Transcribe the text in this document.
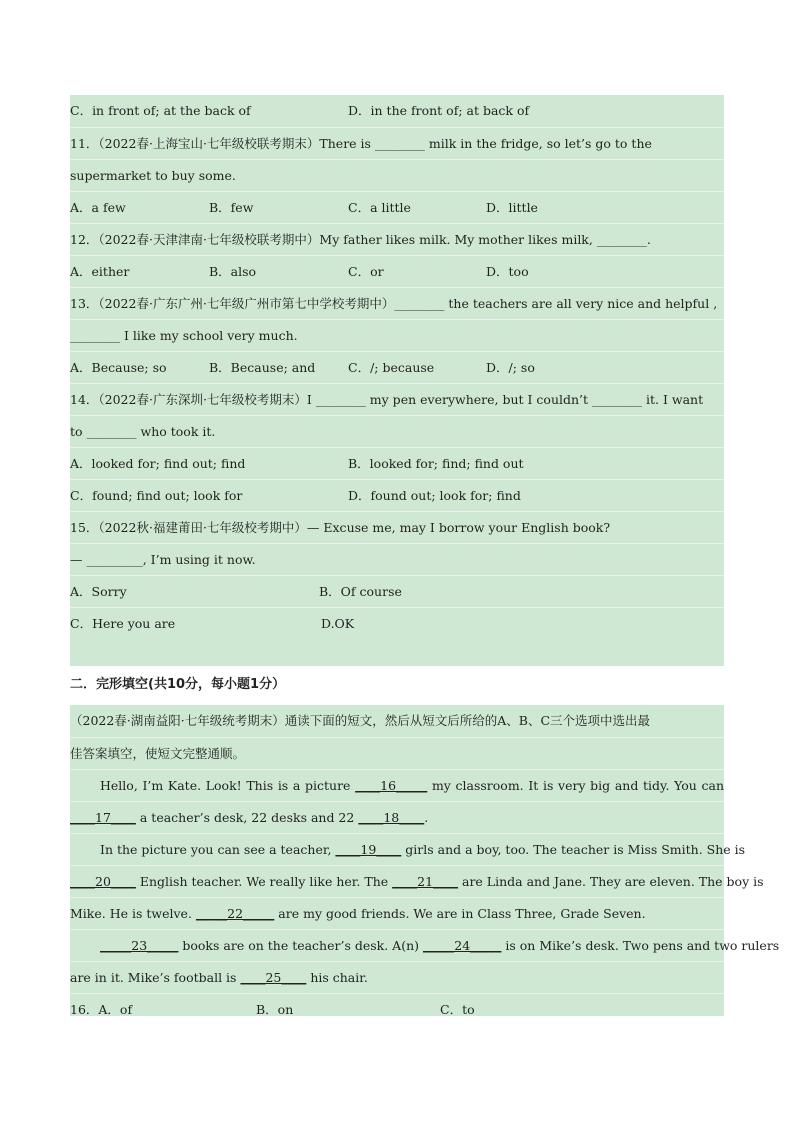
C．in front of; at the back of	D．in the front of; at back of
11．（2022春·上海宝山·七年级校联考期末）There is ________ milk in the fridge, so let’s go to the
supermarket to buy some.
A．a few	B．few	C．a little	D．little
12．（2022春·天津津南·七年级校联考期中）My father likes milk. My mother likes milk, ________.
A．either	B．also	C．or	D．too
13．（2022春·广东广州·七年级广州市第七中学校考期中）________ the teachers are all very nice and helpful ,
________ I like my school very much.
A．Because; so	B．Because; and	C．/; because	D．/; so
14．（2022春·广东深圳·七年级校考期末）I ________ my pen everywhere, but I couldn’t ________ it. I want
to ________ who took it.
A．looked for; find out; find	B．looked for; find; find out
C．found; find out; look for	D．found out; look for; find
15．（2022秋·福建莆田·七年级校考期中）— Excuse me, may I borrow your English book?
— _________, I’m using it now.
A．Sorry	B．Of course
C．Here you are	D.OK
二．完形填空(共10分，每小题1分）
（2022春·湖南益阳·七年级统考期末）通读下面的短文，然后从短文后所给的A、B、C三个选项中选出最
佳答案填空，使短文完整通顺。
Hello, I’m Kate. Look! This is a picture ____16_____ my classroom. It is very big and tidy. You can
____17____ a teacher’s desk, 22 desks and 22 ____18____.
In the picture you can see a teacher, ____19____ girls and a boy, too. The teacher is Miss Smith. She is
____20____ English teacher. We really like her. The ____21____ are Linda and Jane. They are eleven. The boy is
Mike. He is twelve. _____22_____ are my good friends. We are in Class Three, Grade Seven.
_____23_____ books are on the teacher’s desk. A(n) _____24_____ is on Mike’s desk. Two pens and two rulers
are in it. Mike’s football is ____25____ his chair.
16．A．of	B．on	C．to
